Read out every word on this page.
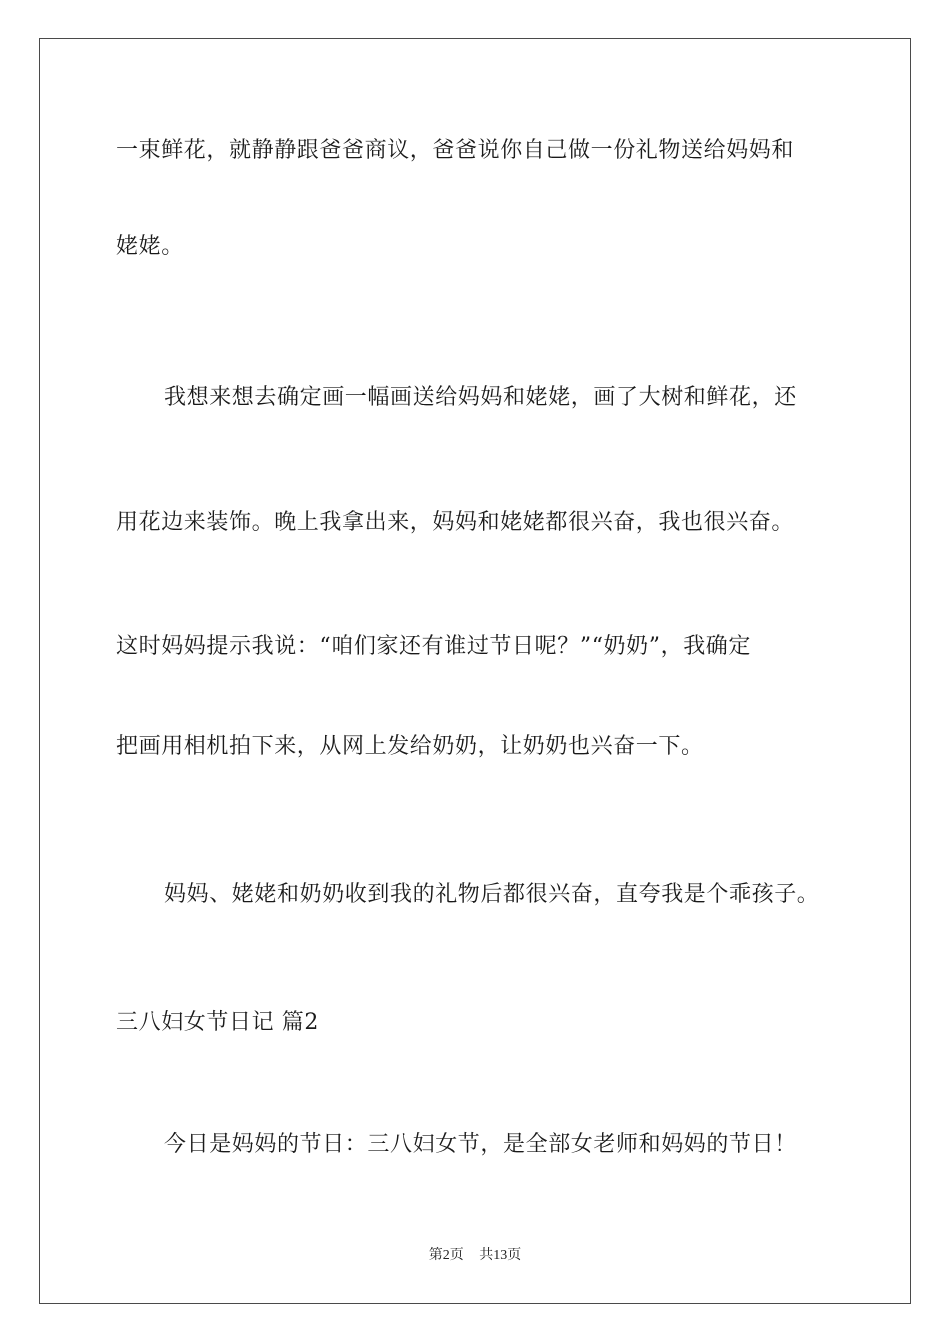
一束鲜花，就静静跟爸爸商议，爸爸说你自己做一份礼物送给妈妈和
姥姥。
我想来想去确定画一幅画送给妈妈和姥姥，画了大树和鲜花，还
用花边来装饰。晚上我拿出来，妈妈和姥姥都很兴奋，我也很兴奋。
这时妈妈提示我说：“咱们家还有谁过节日呢？”“奶奶”，我确定
把画用相机拍下来，从网上发给奶奶，让奶奶也兴奋一下。
妈妈、姥姥和奶奶收到我的礼物后都很兴奋，直夸我是个乖孩子。
三八妇女节日记 篇2
今日是妈妈的节日：三八妇女节，是全部女老师和妈妈的节日！
第2页 共13页
